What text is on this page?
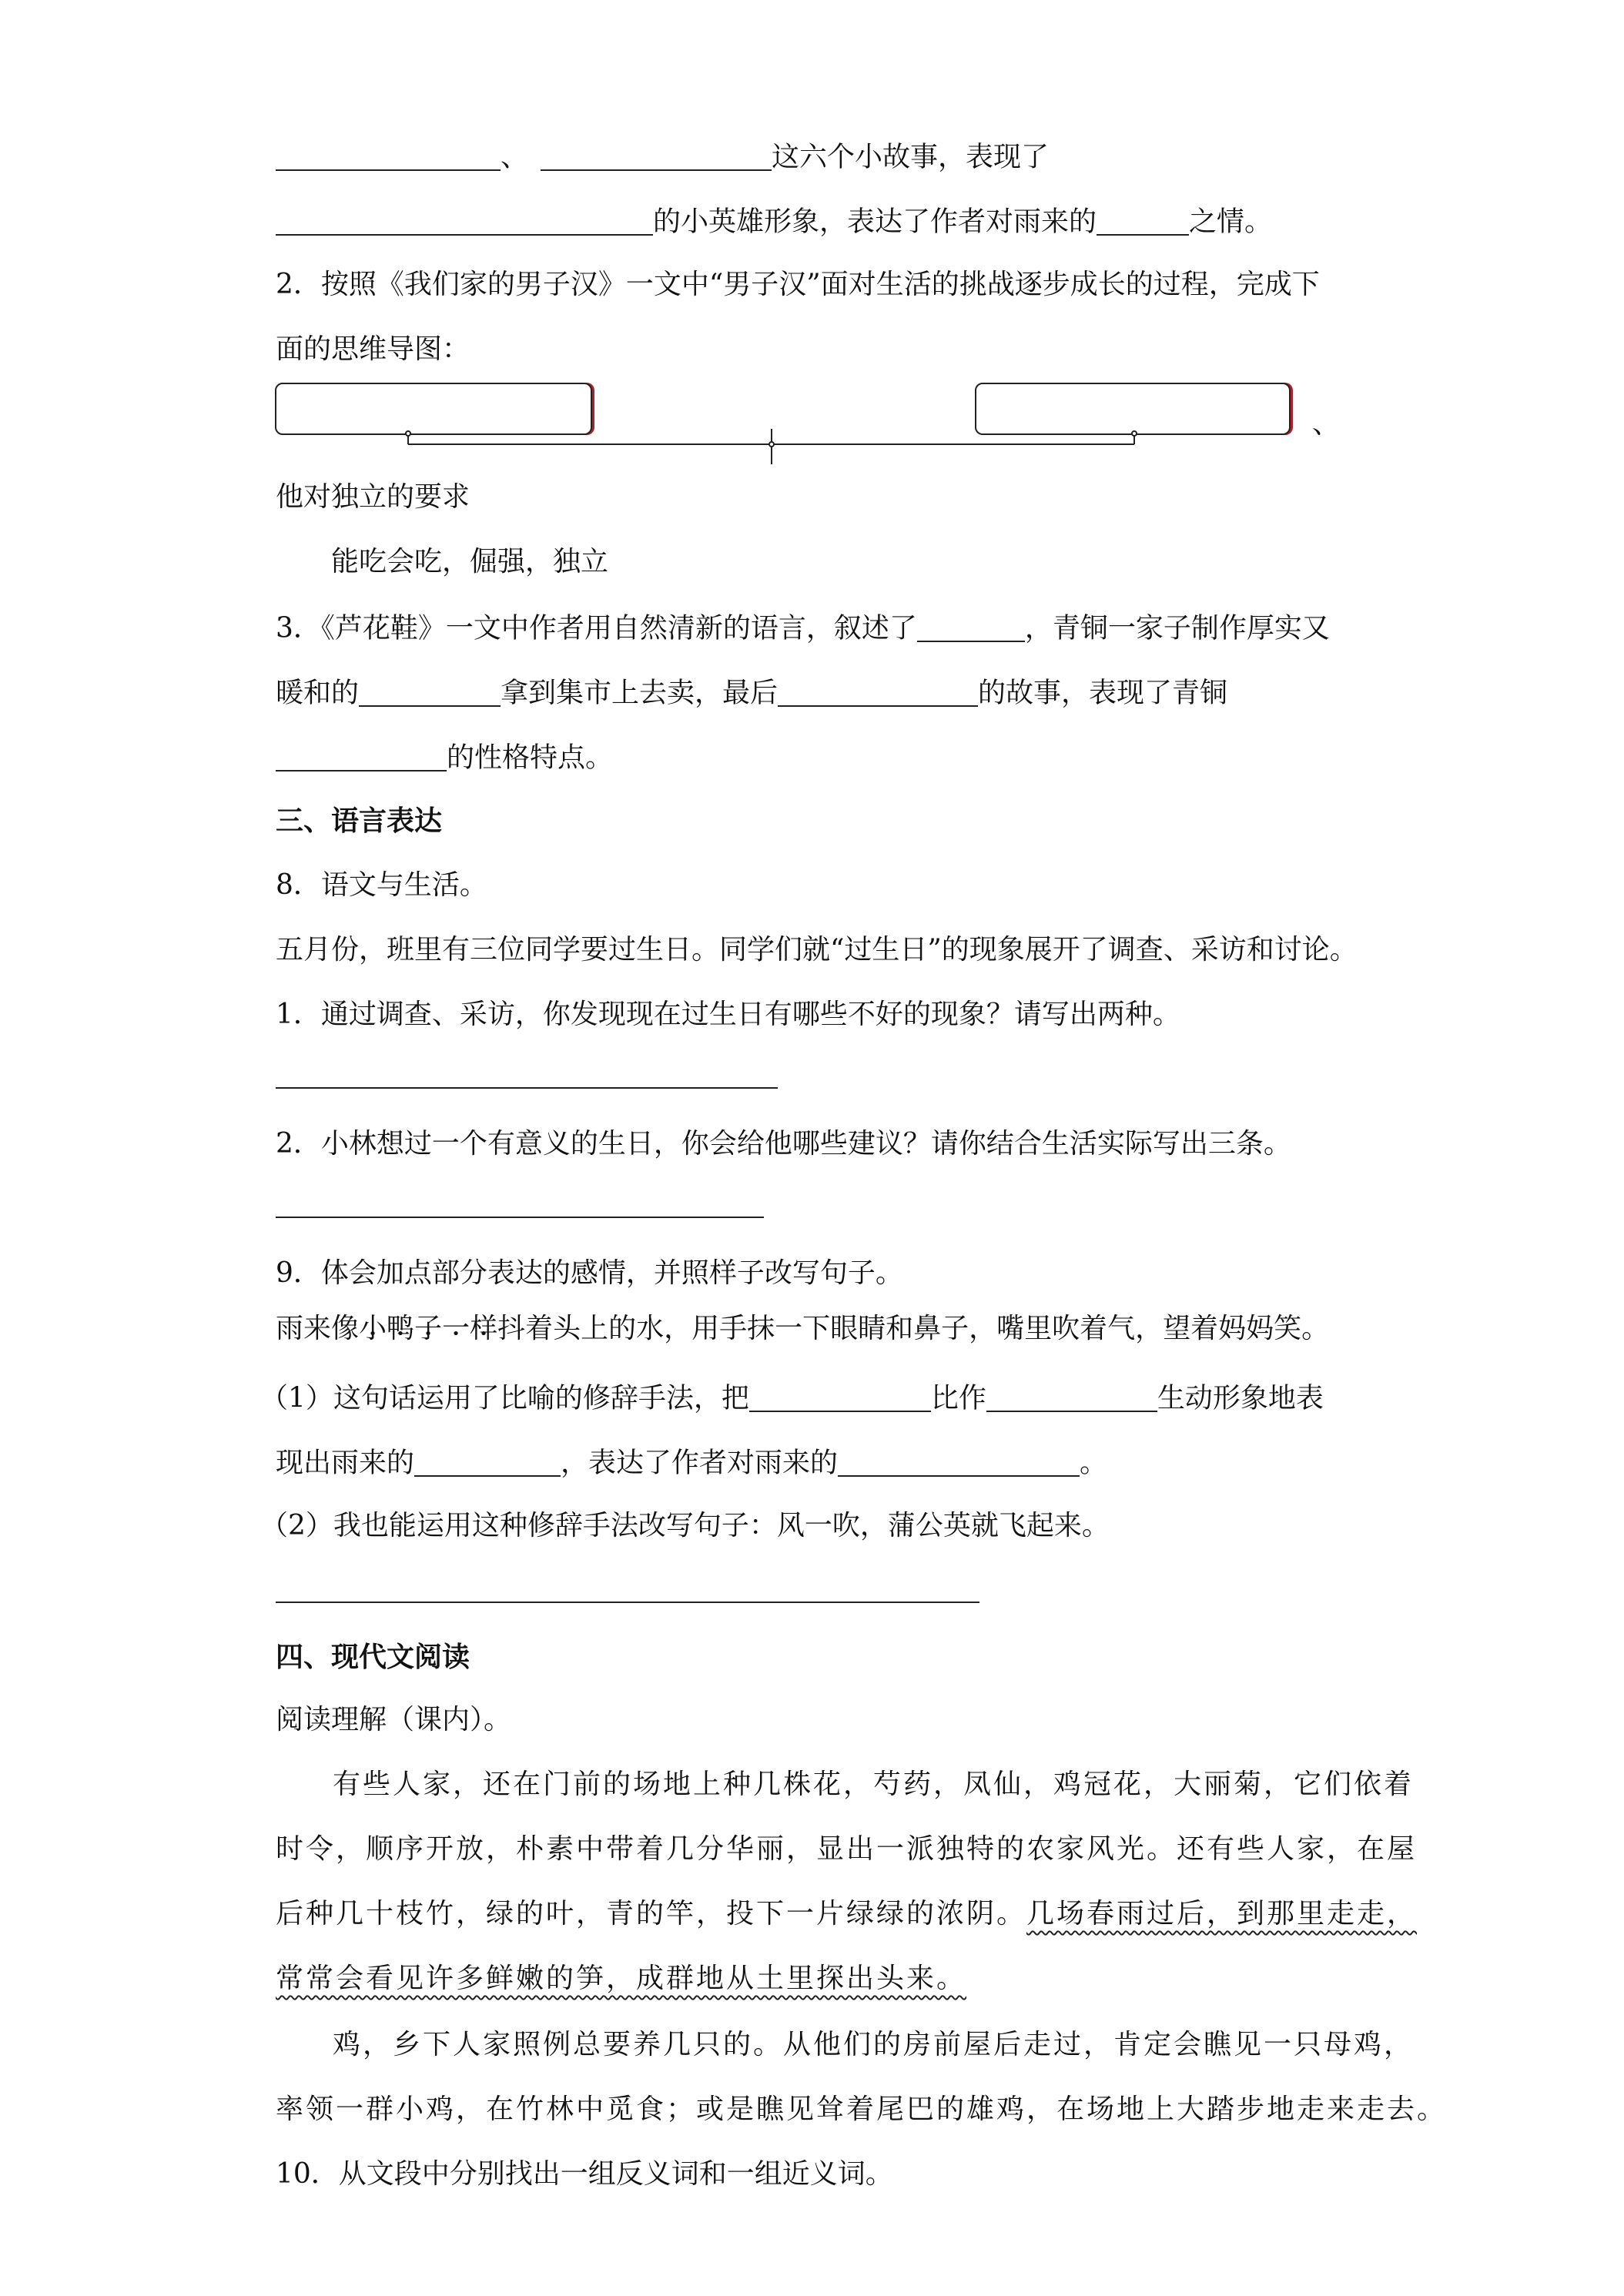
、	这六个小故事，表现了
的小英雄形象，表达了作者对雨来的	之情。
2．按照《我们家的男子汉》一文中“男子汉”面对生活的挑战逐步成长的过程，完成下
面的思维导图：
、
他对独立的要求
能吃会吃，倔强，独立
3．《芦花鞋》一文中作者用自然清新的语言，叙述了	，青铜一家子制作厚实又
暖和的	拿到集市上去卖，最后	的故事，表现了青铜
的性格特点。
三、语言表达
8．语文与生活。
五月份，班里有三位同学要过生日。同学们就“过生日”的现象展开了调查、采访和讨论。
1．通过调查、采访，你发现现在过生日有哪些不好的现象？请写出两种。
2．小林想过一个有意义的生日，你会给他哪些建议？请你结合生活实际写出三条。
9．体会加点部分表达的感情，并照样子改写句子。
雨来像小 •鸭 •子 •一 •样 •抖着头上的水，用手抹一下眼睛和鼻子，嘴里吹着气，望着妈妈笑。
（1）这句话运用了比喻的修辞手法，把	比作	生动形象地表
现出雨来的	，表达了作者对雨来的	。
（2）我也能运用这种修辞手法改写句子：风一吹，蒲公英就飞起来。
四、现代文阅读
阅读理解（课内）。
有些人家，还在门前的场地上种几株花，芍药，凤仙，鸡冠花，大丽菊，它们依着
时令，顺序开放，朴素中带着几分华丽，显出一派独特的农家风光。还有些人家，在屋
后种几十枝竹，绿的叶，青的竿，投下一片绿绿的浓阴。几场春雨过后，到那里走走，
常常会看见许多鲜嫩的笋，成群地从土里探出头来。
鸡，乡下人家照例总要养几只的。从他们的房前屋后走过，肯定会瞧见一只母鸡，
率领一群小鸡，在竹林中觅食；或是瞧见耸着尾巴的雄鸡，在场地上大踏步地走来走去。
10．从文段中分别找出一组反义词和一组近义词。
